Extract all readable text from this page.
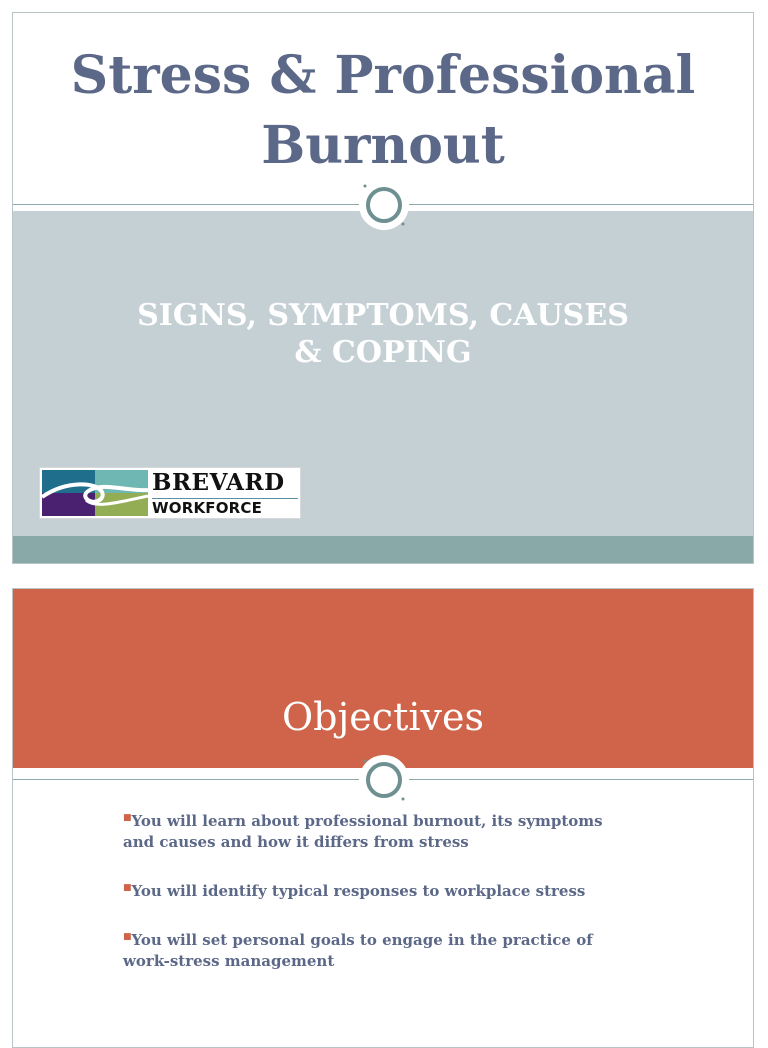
Stress & Professional
Burnout
SIGNS, SYMPTOMS, CAUSES
& COPING
BREVARD
WORKFORCE
Objectives
■You will learn about professional burnout, its symptoms
and causes and how it differs from stress
■You will identify typical responses to workplace stress
■You will set personal goals to engage in the practice of
work-stress management
